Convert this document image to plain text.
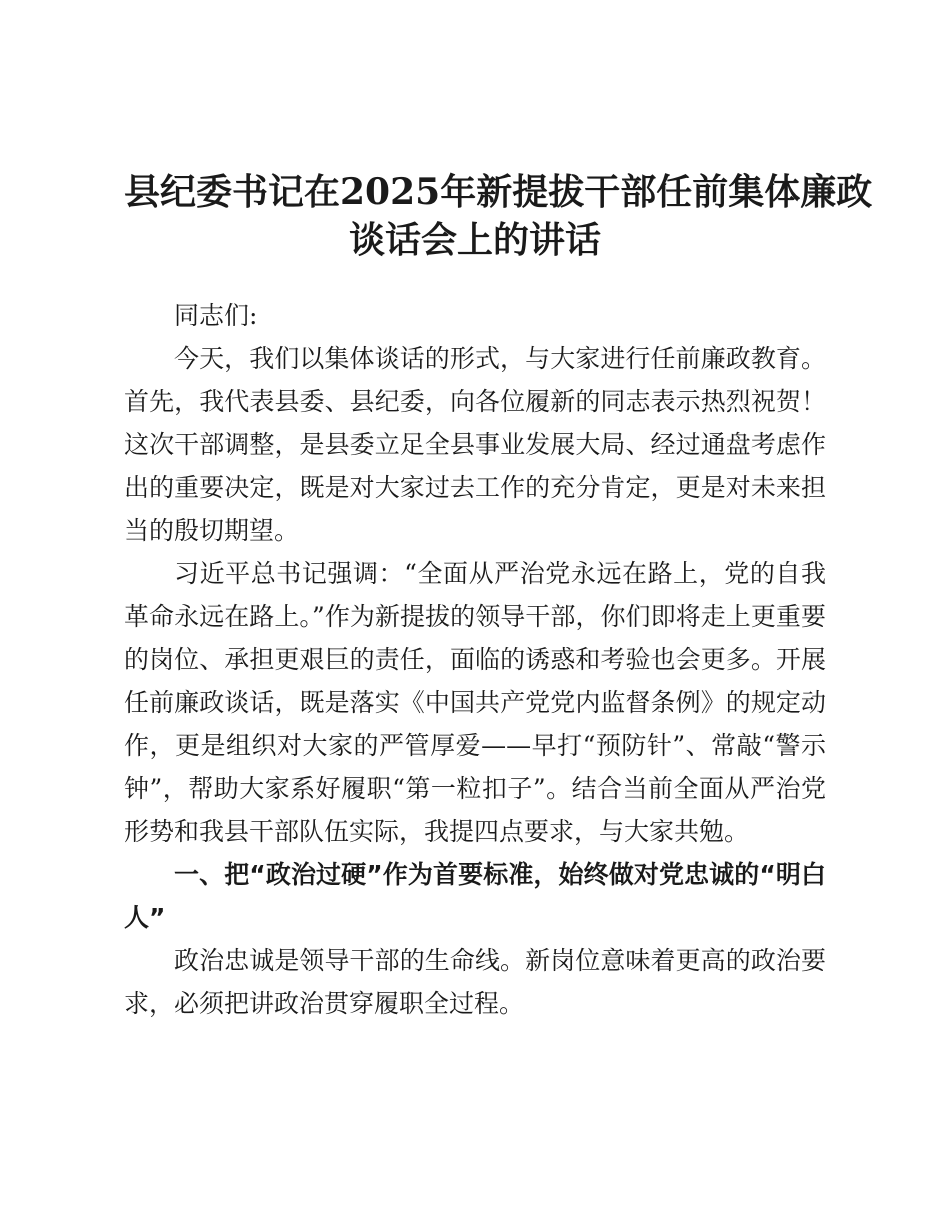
县纪委书记在2025年新提拔干部任前集体廉政
谈话会上的讲话

同志们:

今天，我们以集体谈话的形式，与大家进行任前廉政教育。首先，我代表县委、县纪委，向各位履新的同志表示热烈祝贺！这次干部调整，是县委立足全县事业发展大局、经过通盘考虑作出的重要决定，既是对大家过去工作的充分肯定，更是对未来担当的殷切期望。

习近平总书记强调：“全面从严治党永远在路上，党的自我革命永远在路上。”作为新提拔的领导干部，你们即将走上更重要的岗位、承担更艰巨的责任，面临的诱惑和考验也会更多。开展任前廉政谈话，既是落实《中国共产党党内监督条例》的规定动作，更是组织对大家的严管厚爱——早打“预防针”、常敲“警示钟”，帮助大家系好履职“第一粒扣子”。结合当前全面从严治党形势和我县干部队伍实际，我提四点要求，与大家共勉。

一、把“政治过硬”作为首要标准，始终做对党忠诚的“明白人”

政治忠诚是领导干部的生命线。新岗位意味着更高的政治要求，必须把讲政治贯穿履职全过程。
